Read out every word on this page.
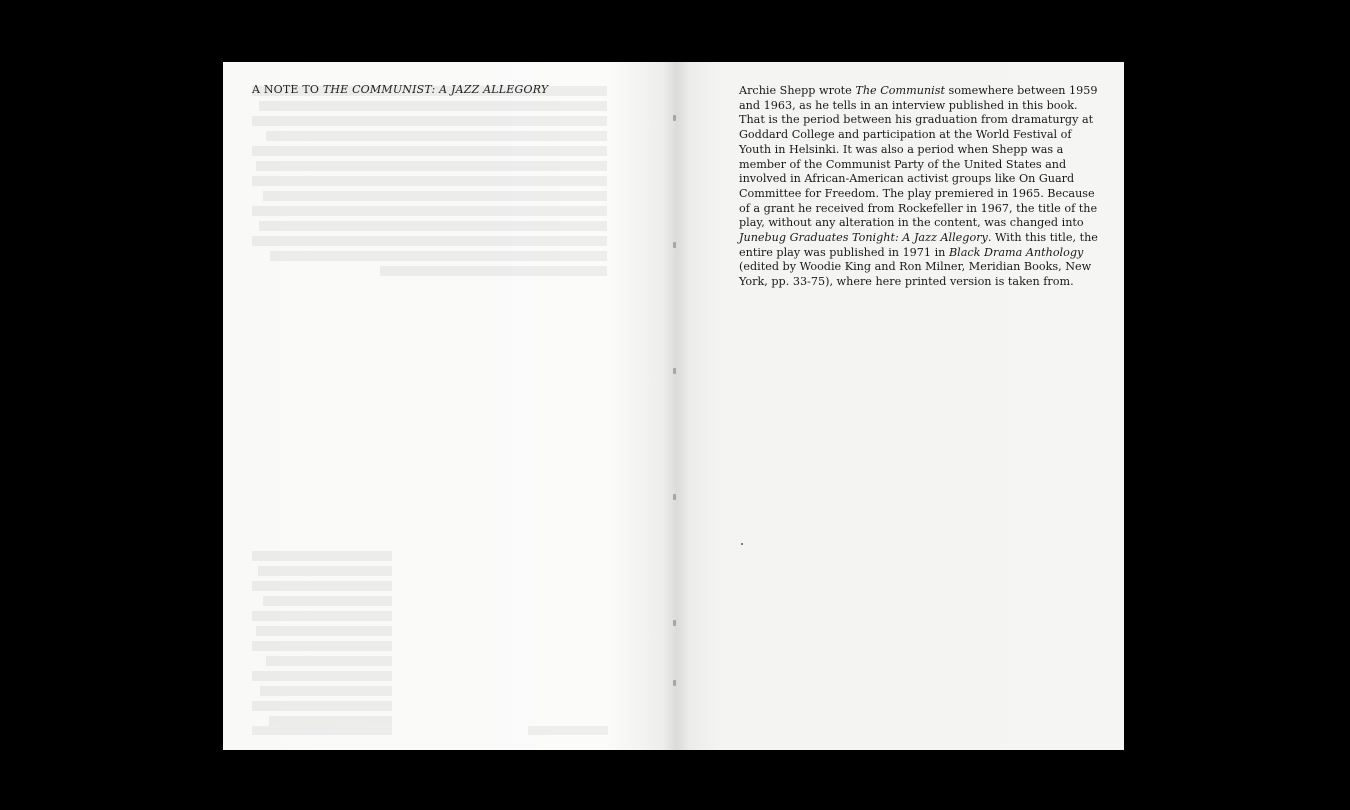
A NOTE TO THE COMMUNIST: A JAZZ ALLEGORY	Archie Shepp wrote The Communist somewhere between 1959 and 1963, as he tells in an interview published in this book. That is the period between his graduation from dramaturgy at Goddard College and participation at the World Festival of Youth in Helsinki. It was also a period when Shepp was a member of the Communist Party of the United States and involved in African-American activist groups like On Guard Committee for Freedom. The play premiered in 1965. Because of a grant he received from Rockefeller in 1967, the title of the play, without any alteration in the content, was changed into Junebug Graduates Tonight: A Jazz Allegory. With this title, the entire play was published in 1971 in Black Drama Anthology (edited by Woodie King and Ron Milner, Meridian Books, New York, pp. 33-75), where here printed version is taken from.
